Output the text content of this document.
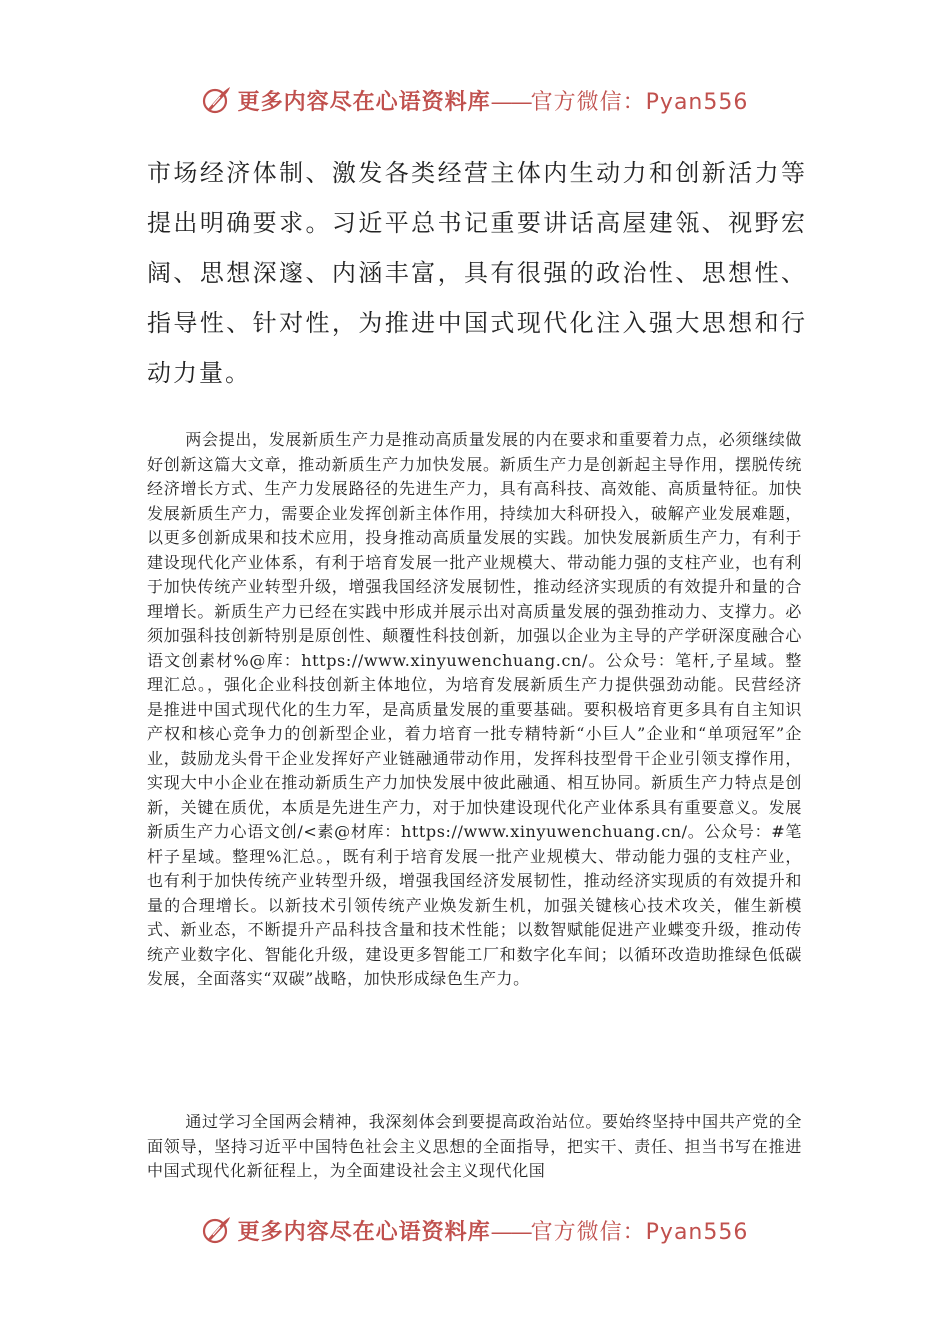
更多内容尽在心语资料库——官方微信：Pyan556
市场经济体制、激发各类经营主体内生动力和创新活力等提出明确要求。习近平总书记重要讲话高屋建瓴、视野宏阔、思想深邃、内涵丰富，具有很强的政治性、思想性、指导性、针对性，为推进中国式现代化注入强大思想和行动力量。

两会提出，发展新质生产力是推动高质量发展的内在要求和重要着力点，必须继续做好创新这篇大文章，推动新质生产力加快发展。新质生产力是创新起主导作用，摆脱传统经济增长方式、生产力发展路径的先进生产力，具有高科技、高效能、高质量特征。加快发展新质生产力，需要企业发挥创新主体作用，持续加大科研投入，破解产业发展难题，以更多创新成果和技术应用，投身推动高质量发展的实践。加快发展新质生产力，有利于建设现代化产业体系，有利于培育发展一批产业规模大、带动能力强的支柱产业，也有利于加快传统产业转型升级，增强我国经济发展韧性，推动经济实现质的有效提升和量的合理增长。新质生产力已经在实践中形成并展示出对高质量发展的强劲推动力、支撑力。必须加强科技创新特别是原创性、颠覆性科技创新，加强以企业为主导的产学研深度融合心语文创素材%@库：https://www.xinyuwenchuang.cn/。公众号：笔杆,子星域。整理汇总。，强化企业科技创新主体地位，为培育发展新质生产力提供强劲动能。民营经济是推进中国式现代化的生力军，是高质量发展的重要基础。要积极培育更多具有自主知识产权和核心竞争力的创新型企业，着力培育一批专精特新“小巨人”企业和“单项冠军”企业，鼓励龙头骨干企业发挥好产业链融通带动作用，发挥科技型骨干企业引领支撑作用，实现大中小企业在推动新质生产力加快发展中彼此融通、相互协同。新质生产力特点是创新，关键在质优，本质是先进生产力，对于加快建设现代化产业体系具有重要意义。发展新质生产力心语文创/<素@材库：https://www.xinyuwenchuang.cn/。公众号：#笔杆子星域。整理%汇总。，既有利于培育发展一批产业规模大、带动能力强的支柱产业，也有利于加快传统产业转型升级，增强我国经济发展韧性，推动经济实现质的有效提升和量的合理增长。以新技术引领传统产业焕发新生机，加强关键核心技术攻关，催生新模式、新业态，不断提升产品科技含量和技术性能；以数智赋能促进产业蝶变升级，推动传统产业数字化、智能化升级，建设更多智能工厂和数字化车间；以循环改造助推绿色低碳发展，全面落实“双碳”战略，加快形成绿色生产力。

通过学习全国两会精神，我深刻体会到要提高政治站位。要始终坚持中国共产党的全面领导，坚持习近平中国特色社会主义思想的全面指导，把实干、责任、担当书写在推进中国式现代化新征程上，为全面建设社会主义现代化国

更多内容尽在心语资料库——官方微信：Pyan556
